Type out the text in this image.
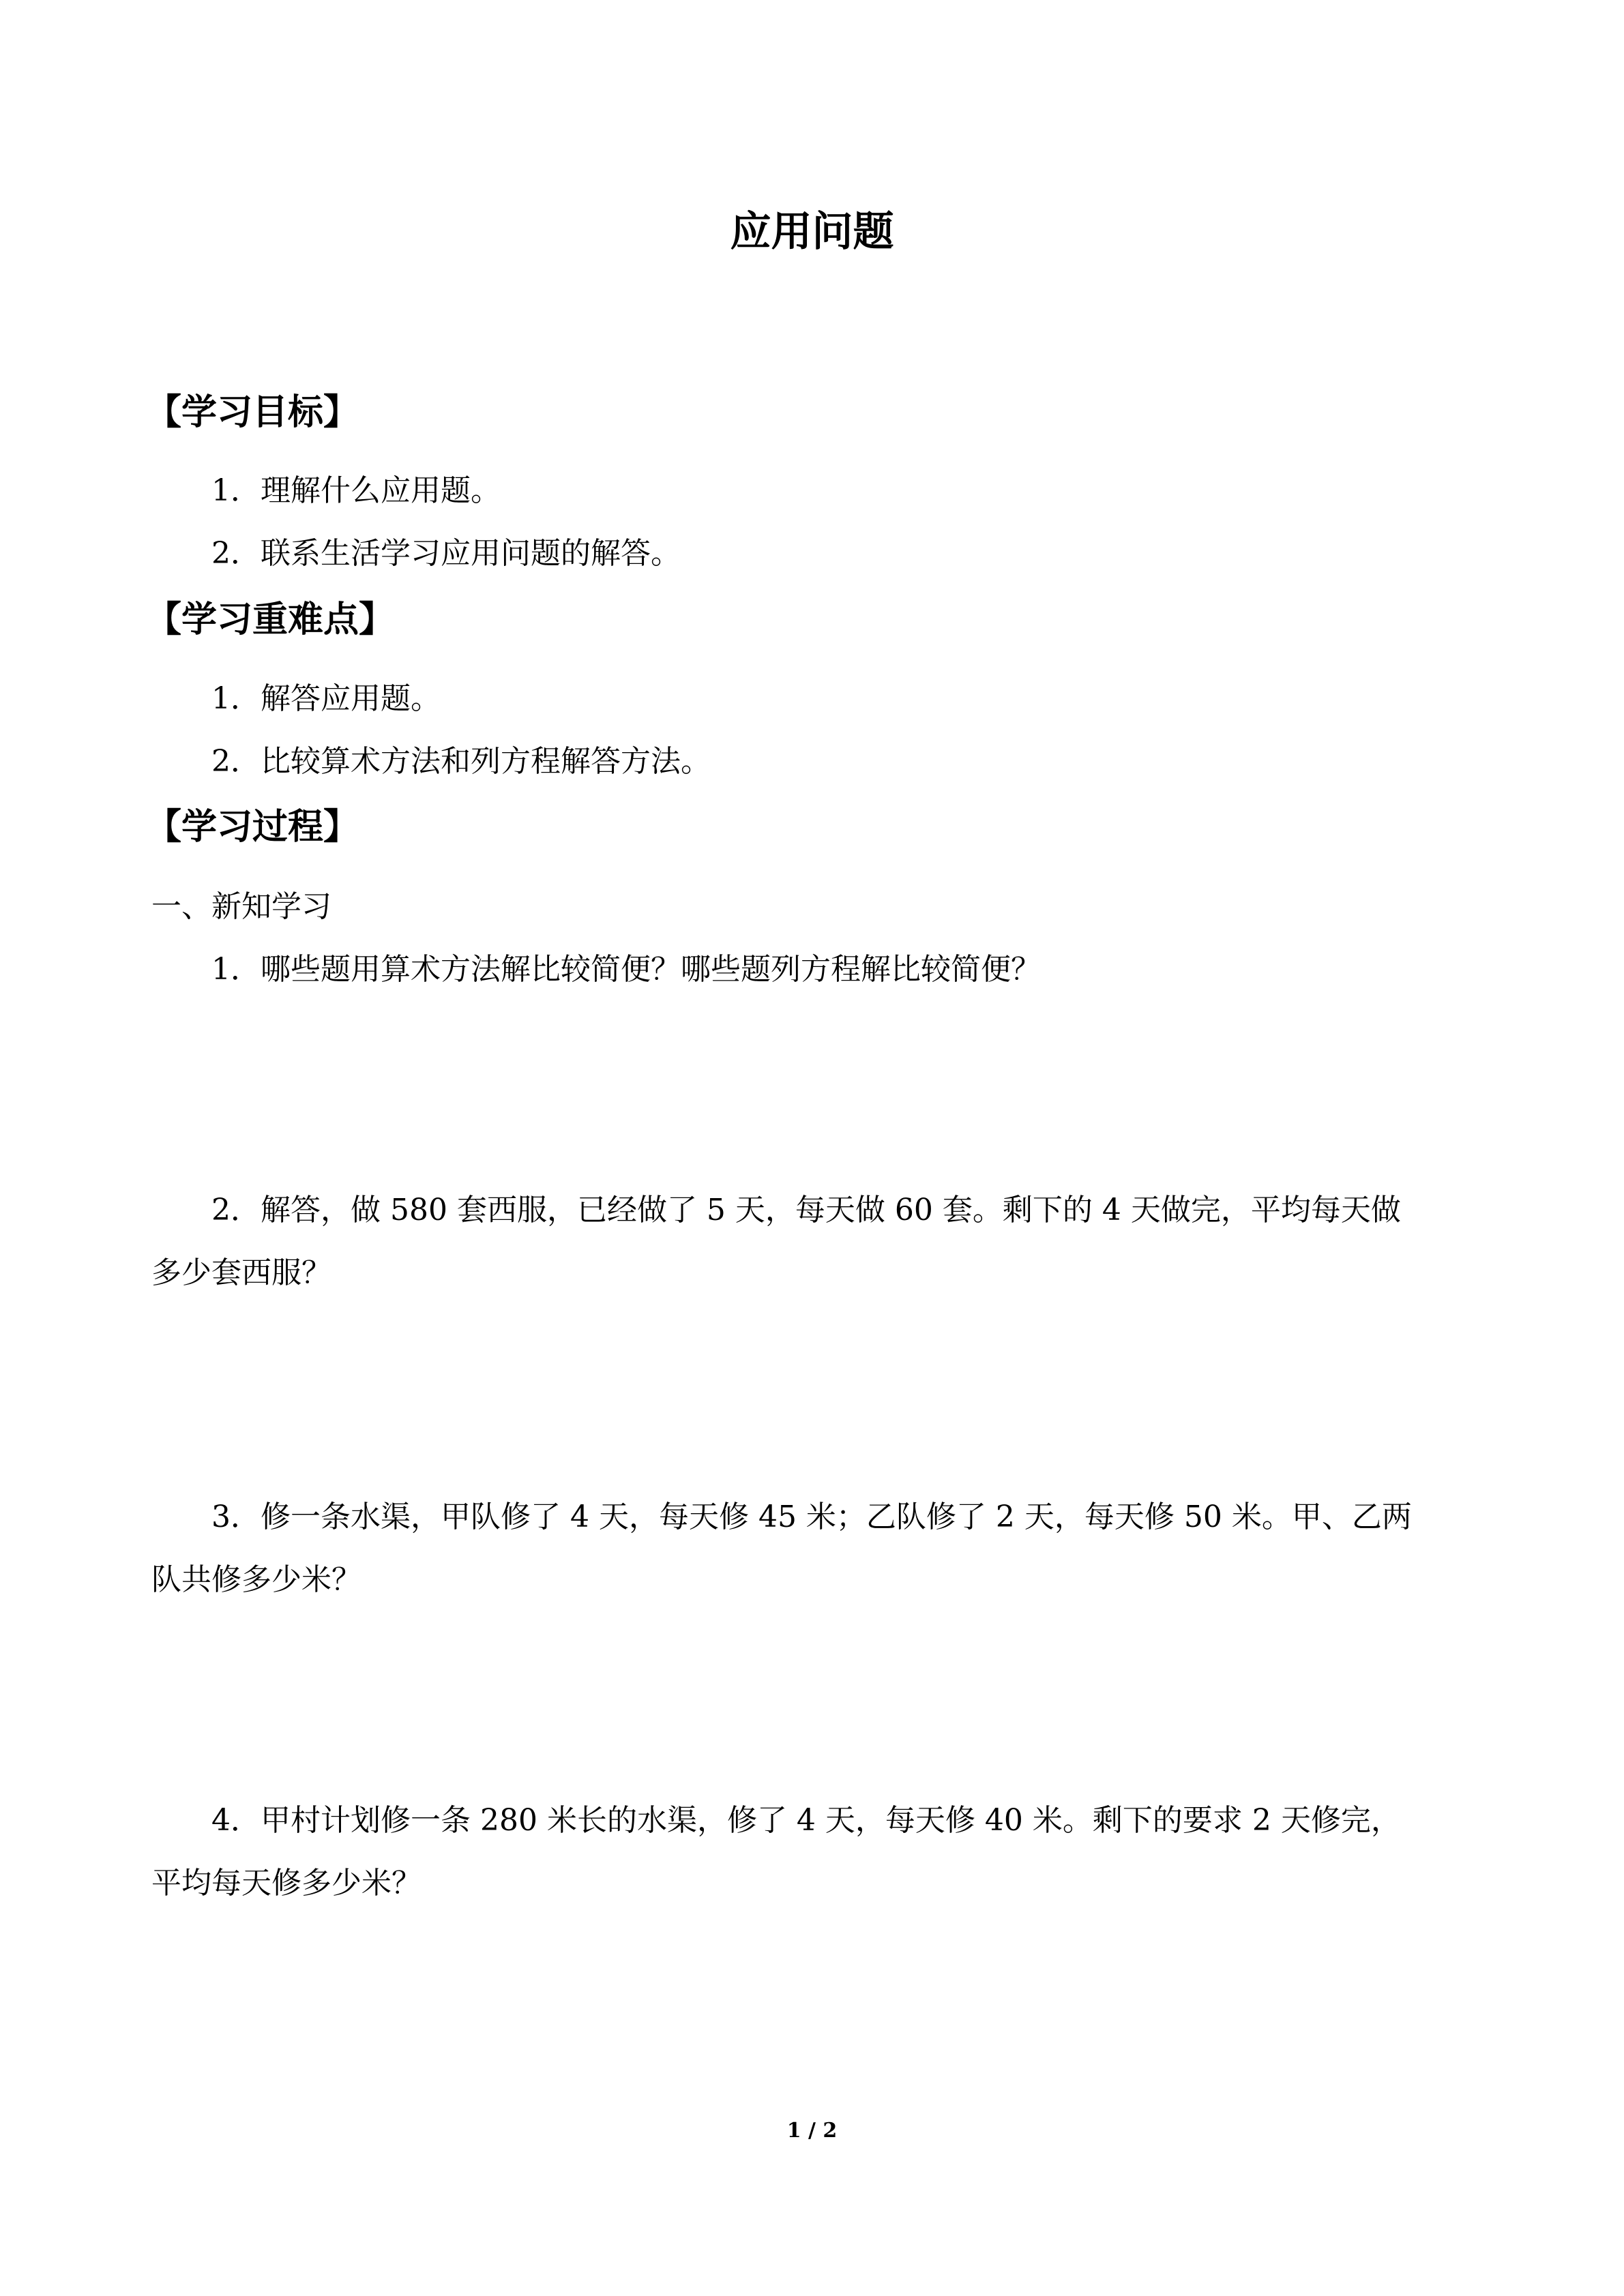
应用问题
【学习目标】
1．理解什么应用题。
2．联系生活学习应用问题的解答。
【学习重难点】
1．解答应用题。
2．比较算术方法和列方程解答方法。
【学习过程】
一、新知学习
1．哪些题用算术方法解比较简便？哪些题列方程解比较简便？
2．解答，做 580 套西服，已经做了 5 天，每天做 60 套。剩下的 4 天做完，平均每天做
多少套西服？
3．修一条水渠，甲队修了 4 天，每天修 45 米；乙队修了 2 天，每天修 50 米。甲、乙两
队共修多少米？
4．甲村计划修一条 280 米长的水渠，修了 4 天，每天修 40 米。剩下的要求 2 天修完，
平均每天修多少米？
1 / 2
